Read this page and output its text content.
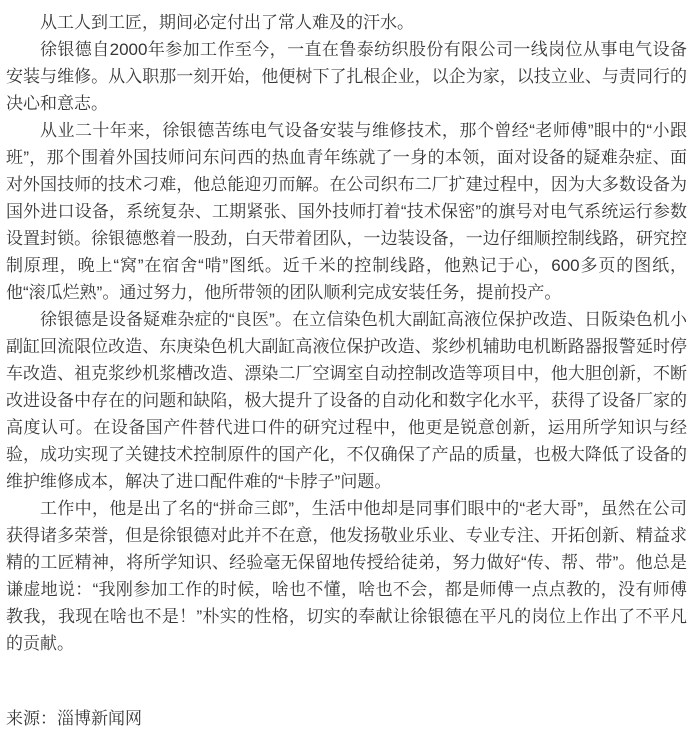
从工人到工匠，期间必定付出了常人难及的汗水。

徐银德自2000年参加工作至今，一直在鲁泰纺织股份有限公司一线岗位从事电气设备安装与维修。从入职那一刻开始，他便树下了扎根企业，以企为家，以技立业、与责同行的决心和意志。

从业二十年来，徐银德苦练电气设备安装与维修技术，那个曾经“老师傅”眼中的“小跟班”，那个围着外国技师问东问西的热血青年练就了一身的本领，面对设备的疑难杂症、面对外国技师的技术刁难，他总能迎刃而解。在公司织布二厂扩建过程中，因为大多数设备为国外进口设备，系统复杂、工期紧张、国外技师打着“技术保密”的旗号对电气系统运行参数设置封锁。徐银德憋着一股劲，白天带着团队，一边装设备，一边仔细顺控制线路，研究控制原理，晚上“窝”在宿舍“啃”图纸。近千米的控制线路，他熟记于心，600多页的图纸，他“滚瓜烂熟”。通过努力，他所带领的团队顺利完成安装任务，提前投产。

徐银德是设备疑难杂症的“良医”。在立信染色机大副缸高液位保护改造、日阪染色机小副缸回流限位改造、东庚染色机大副缸高液位保护改造、浆纱机辅助电机断路器报警延时停车改造、祖克浆纱机浆槽改造、漂染二厂空调室自动控制改造等项目中，他大胆创新，不断改进设备中存在的问题和缺陷，极大提升了设备的自动化和数字化水平，获得了设备厂家的高度认可。在设备国产件替代进口件的研究过程中，他更是锐意创新，运用所学知识与经验，成功实现了关键技术控制原件的国产化，不仅确保了产品的质量，也极大降低了设备的维护维修成本，解决了进口配件难的“卡脖子”问题。

工作中，他是出了名的“拼命三郎”，生活中他却是同事们眼中的“老大哥”，虽然在公司获得诸多荣誉，但是徐银德对此并不在意，他发扬敬业乐业、专业专注、开拓创新、精益求精的工匠精神，将所学知识、经验毫无保留地传授给徒弟，努力做好“传、帮、带”。他总是谦虚地说：“我刚参加工作的时候，啥也不懂，啥也不会，都是师傅一点点教的，没有师傅教我，我现在啥也不是！”朴实的性格，切实的奉献让徐银德在平凡的岗位上作出了不平凡的贡献。

来源：淄博新闻网
